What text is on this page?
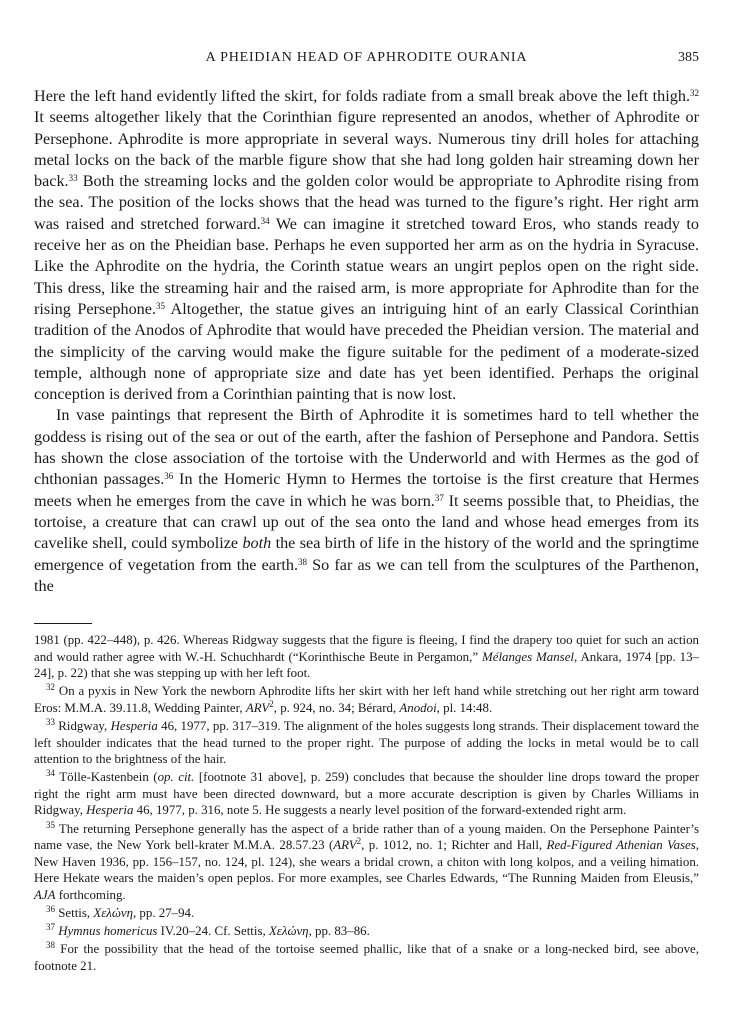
A PHEIDIAN HEAD OF APHRODITE OURANIA	385

Here the left hand evidently lifted the skirt, for folds radiate from a small break above the left thigh.$^{32}$ It seems altogether likely that the Corinthian figure represented an anodos, whether of Aphrodite or Persephone. Aphrodite is more appropriate in several ways. Numerous tiny drill holes for attaching metal locks on the back of the marble figure show that she had long golden hair streaming down her back.$^{33}$ Both the streaming locks and the golden color would be appropriate to Aphrodite rising from the sea. The position of the locks shows that the head was turned to the figure’s right. Her right arm was raised and stretched forward.$^{34}$ We can imagine it stretched toward Eros, who stands ready to receive her as on the Pheidian base. Perhaps he even supported her arm as on the hydria in Syracuse. Like the Aphrodite on the hydria, the Corinth statue wears an ungirt peplos open on the right side. This dress, like the streaming hair and the raised arm, is more appropriate for Aphrodite than for the rising Persephone.$^{35}$ Altogether, the statue gives an intriguing hint of an early Classical Corinthian tradition of the Anodos of Aphrodite that would have preceded the Pheidian version. The material and the simplicity of the carving would make the figure suitable for the pediment of a moderate-sized temple, although none of appropriate size and date has yet been identified. Perhaps the original conception is derived from a Corinthian painting that is now lost.

In vase paintings that represent the Birth of Aphrodite it is sometimes hard to tell whether the goddess is rising out of the sea or out of the earth, after the fashion of Persephone and Pandora. Settis has shown the close association of the tortoise with the Underworld and with Hermes as the god of chthonian passages.$^{36}$ In the Homeric Hymn to Hermes the tortoise is the first creature that Hermes meets when he emerges from the cave in which he was born.$^{37}$ It seems possible that, to Pheidias, the tortoise, a creature that can crawl up out of the sea onto the land and whose head emerges from its cavelike shell, could symbolize both the sea birth of life in the history of the world and the springtime emergence of vegetation from the earth.$^{38}$ So far as we can tell from the sculptures of the Parthenon, the

1981 (pp. 422–448), p. 426. Whereas Ridgway suggests that the figure is fleeing, I find the drapery too quiet for such an action and would rather agree with W.-H. Schuchhardt (“Korinthische Beute in Pergamon,” Mélanges Mansel, Ankara, 1974 [pp. 13–24], p. 22) that she was stepping up with her left foot.

$^{32}$ On a pyxis in New York the newborn Aphrodite lifts her skirt with her left hand while stretching out her right arm toward Eros: M.M.A. 39.11.8, Wedding Painter, ARV$^2$, p. 924, no. 34; Bérard, Anodoi, pl. 14:48.

$^{33}$ Ridgway, Hesperia 46, 1977, pp. 317–319. The alignment of the holes suggests long strands. Their displacement toward the left shoulder indicates that the head turned to the proper right. The purpose of adding the locks in metal would be to call attention to the brightness of the hair.

$^{34}$ Tölle-Kastenbein (op. cit. [footnote 31 above], p. 259) concludes that because the shoulder line drops toward the proper right the right arm must have been directed downward, but a more accurate description is given by Charles Williams in Ridgway, Hesperia 46, 1977, p. 316, note 5. He suggests a nearly level position of the forward-extended right arm.

$^{35}$ The returning Persephone generally has the aspect of a bride rather than of a young maiden. On the Persephone Painter’s name vase, the New York bell-krater M.M.A. 28.57.23 (ARV$^2$, p. 1012, no. 1; Richter and Hall, Red-Figured Athenian Vases, New Haven 1936, pp. 156–157, no. 124, pl. 124), she wears a bridal crown, a chiton with long kolpos, and a veiling himation. Here Hekate wears the maiden’s open peplos. For more examples, see Charles Edwards, “The Running Maiden from Eleusis,” AJA forthcoming.

$^{36}$ Settis, Χελώνη, pp. 27–94.

$^{37}$ Hymnus homericus IV.20–24. Cf. Settis, Χελώνη, pp. 83–86.

$^{38}$ For the possibility that the head of the tortoise seemed phallic, like that of a snake or a long-necked bird, see above, footnote 21.
